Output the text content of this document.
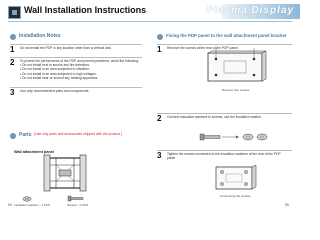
Wall Installation Instructions	Plasma Display
Installation Notes
1 Do not install the PDP in any location other than a vertical wall.
2 To protect the performance of the PDP and prevent problems, avoid the following:
• Do not install next to smoke and fire detectors.
• Do not install in an area subjected to vibration.
• Do not install in an area subjected to high voltages.
• Do not install near or around any heating apparatus.
3 Use only recommended parts and components.
Parts (Use only parts and accessories shipped with the product.)
Wall attachment panel
Insulation washers : 4 PCS	Screws : 4 PCS
54
Fixing the PDP panel to the wall attachment panel bracket
1 Remove the screws at the rear of the PDP panel.
Remove four screws
2 Connect insulation washers to screws, use the insulation washer.
3 Tighten the screws connected to the insulation washers at the rear of the PDP panel.
Connecting the screws
55
